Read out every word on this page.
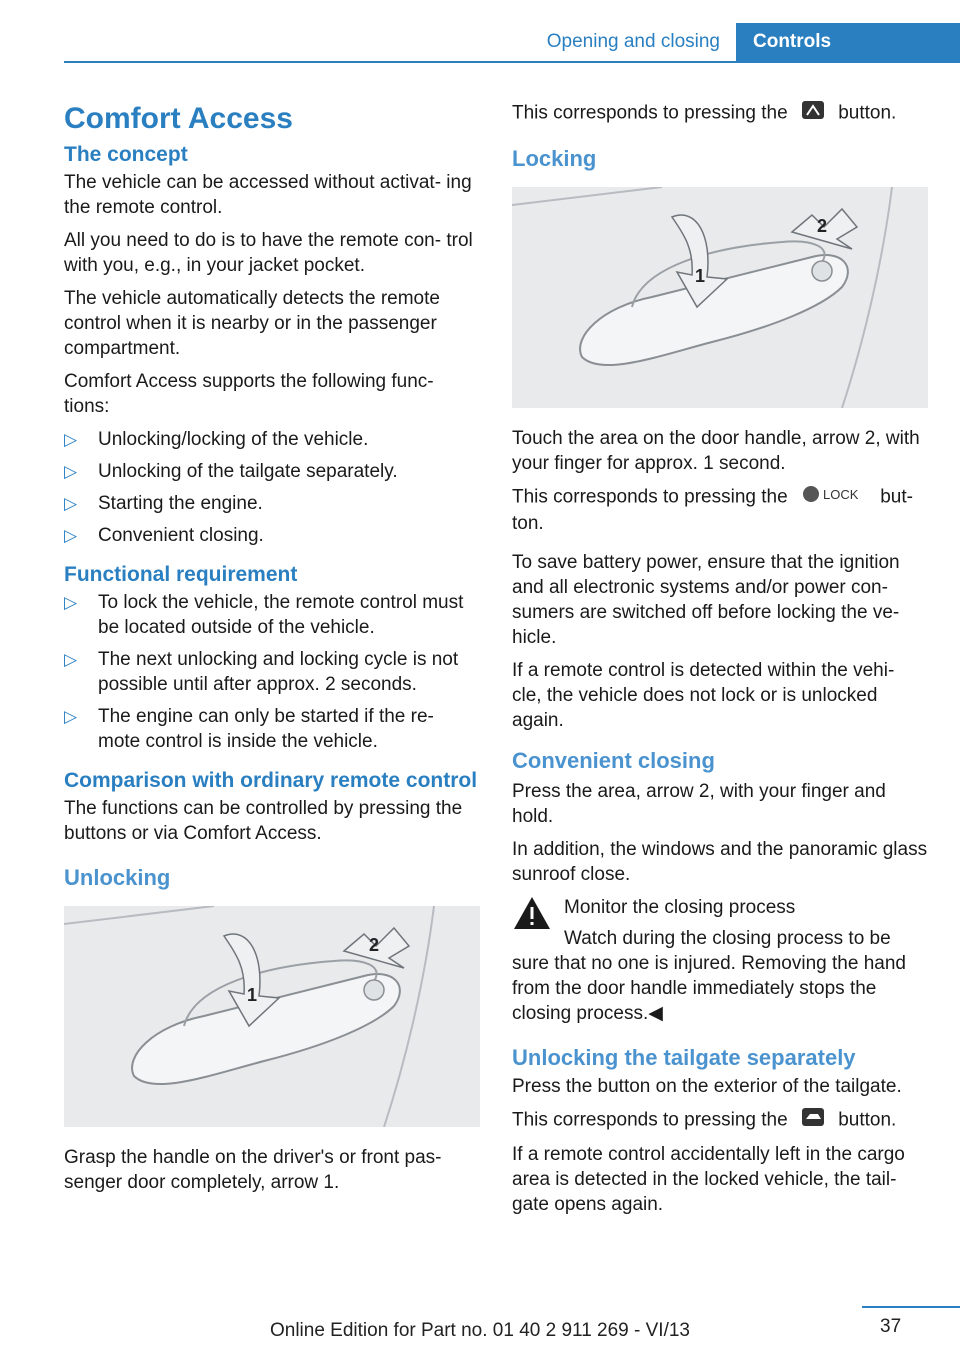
Opening and closing	Controls
Comfort Access
The concept

The vehicle can be accessed without activat‐ ing the remote control.

All you need to do is to have the remote con‐ trol with you, e.g., in your jacket pocket.

The vehicle automatically detects the remote control when it is nearby or in the passenger compartment.

Comfort Access supports the following func‐ tions:

▷ Unlocking/locking of the vehicle.
▷ Unlocking of the tailgate separately.
▷ Starting the engine.
▷ Convenient closing.
Functional requirement
▷ To lock the vehicle, the remote control must be located outside of the vehicle.
▷ The next unlocking and locking cycle is not possible until after approx. 2 seconds.
▷ The engine can only be started if the re‐ mote control is inside the vehicle.
Comparison with ordinary remote control

The functions can be controlled by pressing the buttons or via Comfort Access.

Unlocking
1
2

Grasp the handle on the driver's or front pas‐ senger door completely, arrow 1.

This corresponds to pressing the	button.

Locking
1
2

Touch the area on the door handle, arrow 2, with your finger for approx. 1 second.

This corresponds to pressing the	LOCK but‐ ton.

To save battery power, ensure that the ignition and all electronic systems and/or power con‐ sumers are switched off before locking the ve‐ hicle.

If a remote control is detected within the vehi‐ cle, the vehicle does not lock or is unlocked again.

Convenient closing

Press the area, arrow 2, with your finger and hold.

In addition, the windows and the panoramic glass sunroof close.

Monitor the closing process

Watch during the closing process to be

sure that no one is injured. Removing the hand from the door handle immediately stops the closing process.◀

Unlocking the tailgate separately

Press the button on the exterior of the tailgate.

This corresponds to pressing the	button.

If a remote control accidentally left in the cargo area is detected in the locked vehicle, the tail‐ gate opens again.

37
Online Edition for Part no. 01 40 2 911 269 - VI/13
